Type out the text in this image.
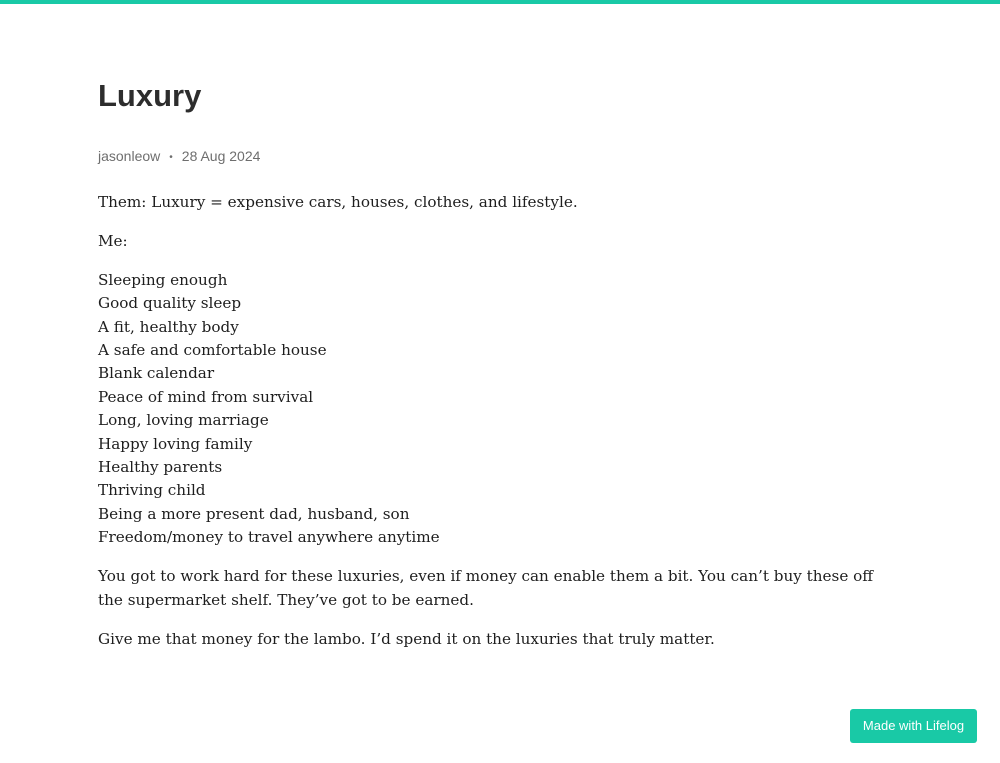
Luxury
jasonleow • 28 Aug 2024

Them: Luxury = expensive cars, houses, clothes, and lifestyle.

Me:

Sleeping enough
Good quality sleep
A fit, healthy body
A safe and comfortable house
Blank calendar
Peace of mind from survival
Long, loving marriage
Happy loving family
Healthy parents
Thriving child
Being a more present dad, husband, son
Freedom/money to travel anywhere anytime

You got to work hard for these luxuries, even if money can enable them a bit. You can’t buy these off the supermarket shelf. They’ve got to be earned.

Give me that money for the lambo. I’d spend it on the luxuries that truly matter.

Made with Lifelog
